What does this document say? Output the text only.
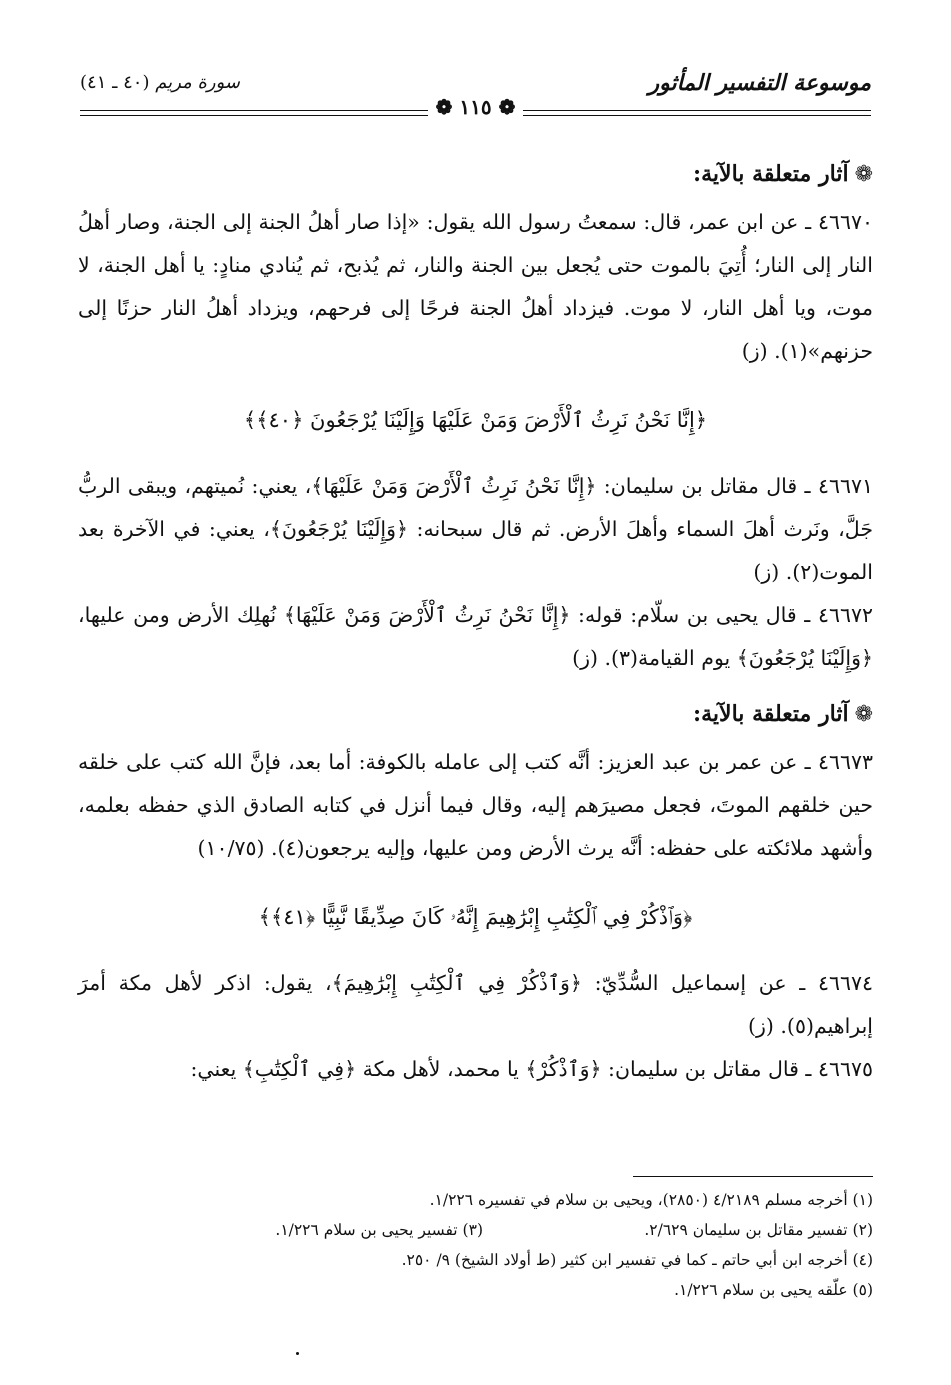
موسوعة التفسير المأثور
سورة مريم (٤٠ ـ ٤١)
❁ ١١٥ ❁
❁آثار متعلقة بالآية:

٤٦٦٧٠ ـ عن ابن عمر، قال: سمعتُ رسول الله يقول: «إذا صار أهلُ الجنة إلى الجنة، وصار أهلُ النار إلى النار؛ أُتِيَ بالموت حتى يُجعل بين الجنة والنار، ثم يُذبح، ثم يُنادي منادٍ: يا أهل الجنة، لا موت، ويا أهل النار، لا موت. فيزداد أهلُ الجنة فرحًا إلى فرحهم، ويزداد أهلُ النار حزنًا إلى حزنهم»(١). (ز)

﴿إِنَّا نَحْنُ نَرِثُ ٱلْأَرْضَ وَمَنْ عَلَيْهَا وَإِلَيْنَا يُرْجَعُونَ ﴿٤٠﴾﴾

٤٦٦٧١ ـ قال مقاتل بن سليمان: ﴿إِنَّا نَحْنُ نَرِثُ ٱلْأَرْضَ وَمَنْ عَلَيْهَا﴾، يعني: نُميتهم، ويبقى الربُّ جَلَّ، ونَرث أهلَ السماء وأهلَ الأرض. ثم قال سبحانه: ﴿وَإِلَيْنَا يُرْجَعُونَ﴾، يعني: في الآخرة بعد الموت(٢). (ز)

٤٦٦٧٢ ـ قال يحيى بن سلّام: قوله: ﴿إِنَّا نَحْنُ نَرِثُ ٱلْأَرْضَ وَمَنْ عَلَيْهَا﴾ نُهلِك الأرض ومن عليها، ﴿وَإِلَيْنَا يُرْجَعُونَ﴾ يوم القيامة(٣). (ز)

❁آثار متعلقة بالآية:

٤٦٦٧٣ ـ عن عمر بن عبد العزيز: أنَّه كتب إلى عامله بالكوفة: أما بعد، فإنَّ الله كتب على خلقه حين خلقهم الموتَ، فجعل مصيرَهم إليه، وقال فيما أنزل في كتابه الصادق الذي حفظه بعلمه، وأشهد ملائكته على حفظه: أنَّه يرث الأرض ومن عليها، وإليه يرجعون(٤). (١٠/٧٥)

﴿وَٱذْكُرْ فِي ٱلْكِتَٰبِ إِبْرَٰهِيمَ إِنَّهُۥ كَانَ صِدِّيقًا نَّبِيًّا ﴿٤١﴾﴾

٤٦٦٧٤ ـ عن إسماعيل السُّدِّيّ: ﴿وَٱذْكُرْ فِي ٱلْكِتَٰبِ إِبْرَٰهِيمَ﴾، يقول: اذكر لأهل مكة أمرَ إبراهيم(٥). (ز)

٤٦٦٧٥ ـ قال مقاتل بن سليمان: ﴿وَٱذْكُرْ﴾ يا محمد، لأهل مكة ﴿فِي ٱلْكِتَٰبِ﴾ يعني:

(١) أخرجه مسلم ٤/٢١٨٩ (٢٨٥٠)، ويحيى بن سلام في تفسيره ١/٢٢٦.
(٢) تفسير مقاتل بن سليمان ٢/٦٢٩.
(٣) تفسير يحيى بن سلام ١/٢٢٦.
(٤) أخرجه ابن أبي حاتم ـ كما في تفسير ابن كثير (ط أولاد الشيخ) ٩/ ٢٥٠.
(٥) علّقه يحيى بن سلام ١/٢٢٦.
